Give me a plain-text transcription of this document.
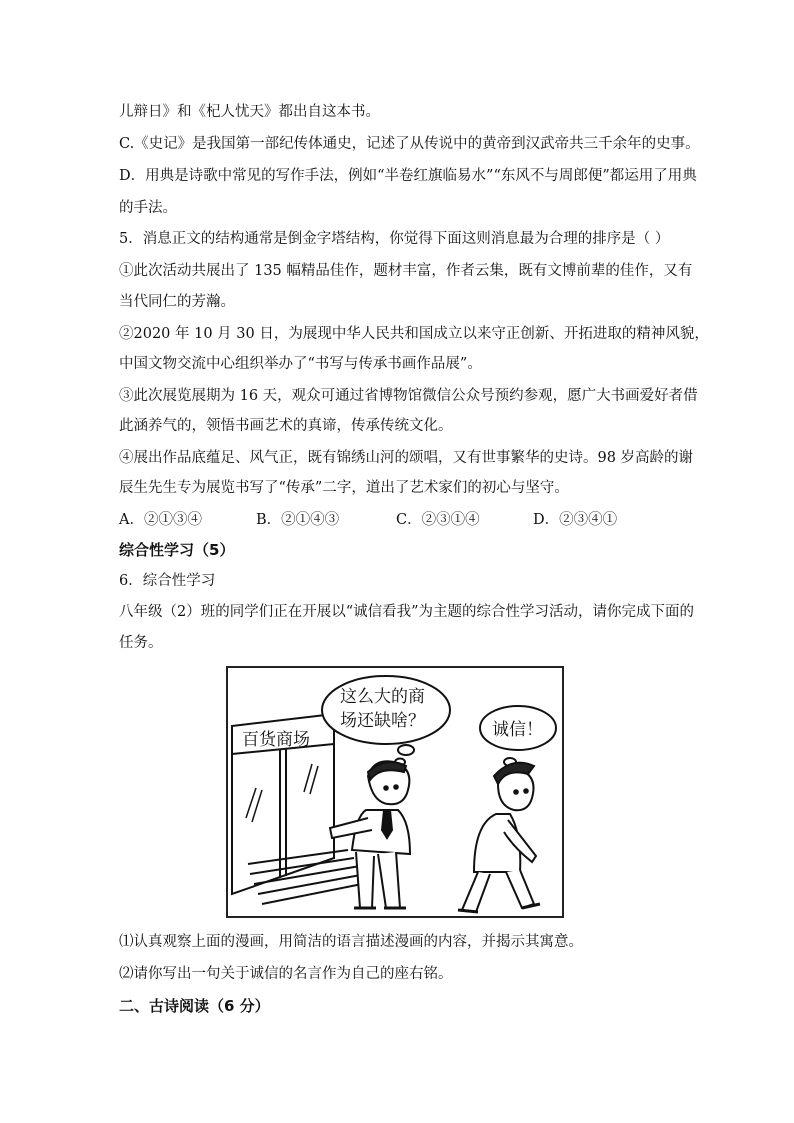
儿辩日》和《杞人忧天》都出自这本书。
C.《史记》是我国第一部纪传体通史，记述了从传说中的黄帝到汉武帝共三千余年的史事。
D．用典是诗歌中常见的写作手法，例如“半卷红旗临易水”“东风不与周郎便”都运用了用典
的手法。
5．消息正文的结构通常是倒金字塔结构，你觉得下面这则消息最为合理的排序是（ ）
①此次活动共展出了 135 幅精品佳作，题材丰富，作者云集，既有文博前辈的佳作，又有
当代同仁的芳瀚。
②2020 年 10 月 30 日，为展现中华人民共和国成立以来守正创新、开拓进取的精神风貌，
中国文物交流中心组织举办了“书写与传承书画作品展”。
③此次展览展期为 16 天，观众可通过省博物馆微信公众号预约参观，愿广大书画爱好者借
此涵养气的，领悟书画艺术的真谛，传承传统文化。
④展出作品底蕴足、风气正，既有锦绣山河的颂唱，又有世事繁华的史诗。98 岁高龄的谢
辰生先生专为展览书写了“传承”二字，道出了艺术家们的初心与坚守。
A．②①③④	B．②①④③	C．②③①④	D．②③④①
综合性学习（5）
6．综合性学习
八年级（2）班的同学们正在开展以“诚信看我”为主题的综合性学习活动，请你完成下面的
任务。
百货商场
这么大的商
场还缺啥？	诚信！
⑴认真观察上面的漫画，用简洁的语言描述漫画的内容，并揭示其寓意。
⑵请你写出一句关于诚信的名言作为自己的座右铭。
二、古诗阅读（6 分）
